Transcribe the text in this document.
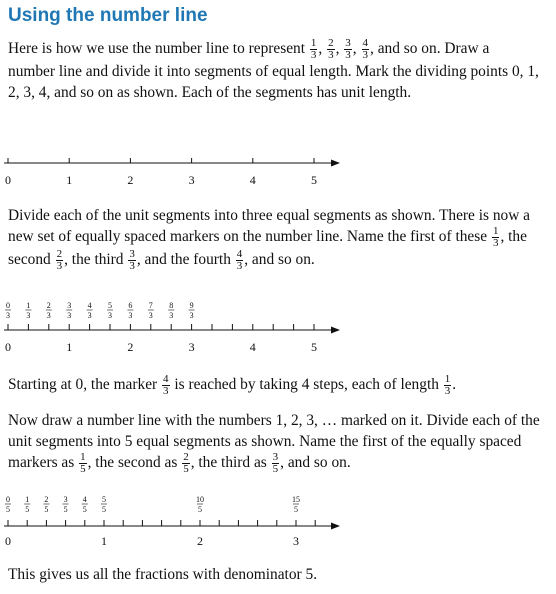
Using the number line

Here is how we use the number line to represent $\frac{1}{3}$ , $\frac{2}{3}$ , $\frac{3}{3}$ , $\frac{4}{3}$ , and so on. Draw a number line and divide it into segments of equal length. Mark the dividing points 0, 1, 2, 3, 4, and so on as shown. Each of the segments has unit length.

0	1	2	3	4	5

Divide each of the unit segments into three equal segments as shown. There is now a new set of equally spaced markers on the number line. Name the first of these $\frac{1}{3}$ , the second $\frac{2}{3}$ , the third $\frac{3}{3}$ , and the fourth $\frac{4}{3}$ , and so on.

0
3
1
3
2
3
3
3
4
3
5
3
6
3
7
3
8
3
9
3
0	1	2	3	4	5

Starting at 0, the marker $\frac{4}{3}$ is reached by taking 4 steps, each of length $\frac{1}{3}$ .

Now draw a number line with the numbers 1, 2, 3, … marked on it. Divide each of the unit segments into 5 equal segments as shown. Name the first of the equally spaced markers as $\frac{1}{5}$ , the second as $\frac{2}{5}$ , the third as $\frac{3}{5}$ , and so on.

0
5
1
5
2
5
3
5
4
5
5
5
10
5
15
5
0	1	2	3

This gives us all the fractions with denominator 5.
